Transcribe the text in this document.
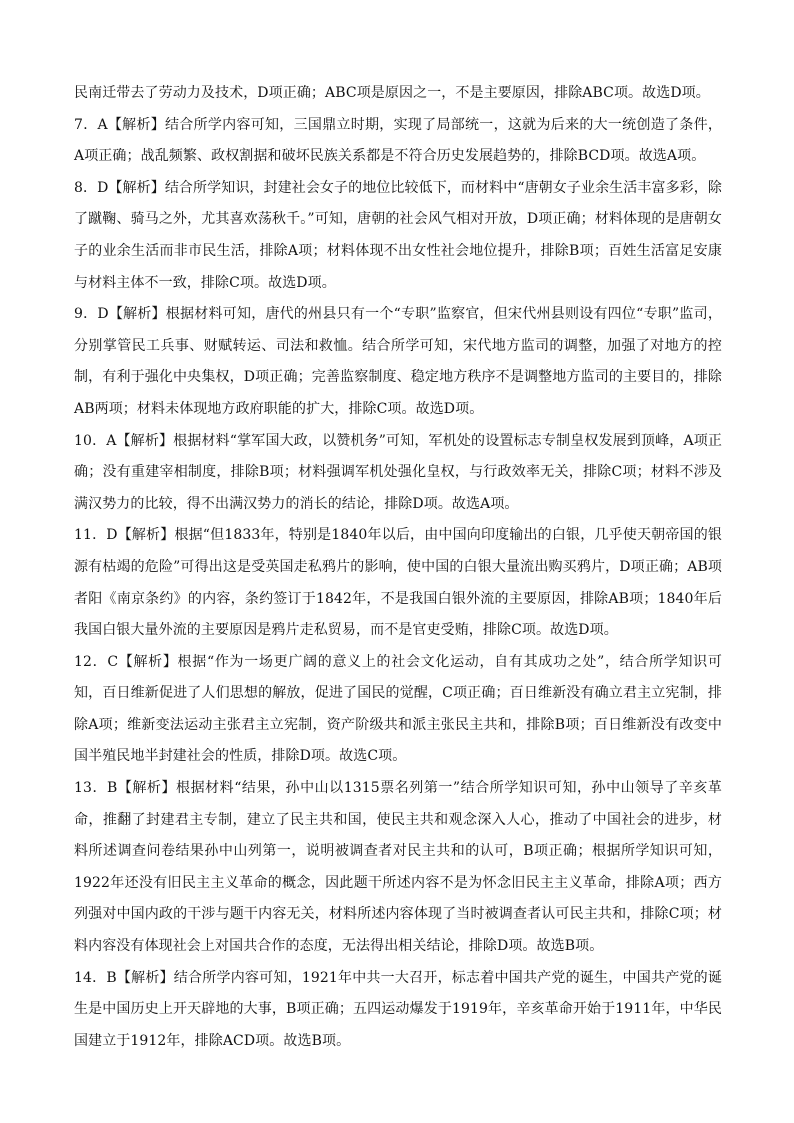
民南迁带去了劳动力及技术，D项正确；ABC项是原因之一，不是主要原因，排除ABC项。故选D项。

7．A【解析】结合所学内容可知，三国鼎立时期，实现了局部统一，这就为后来的大一统创造了条件，A项正确；战乱频繁、政权割据和破坏民族关系都是不符合历史发展趋势的，排除BCD项。故选A项。

8．D【解析】结合所学知识，封建社会女子的地位比较低下，而材料中“唐朝女子业余生活丰富多彩，除了蹴鞠、骑马之外，尤其喜欢荡秋千。”可知，唐朝的社会风气相对开放，D项正确；材料体现的是唐朝女子的业余生活而非市民生活，排除A项；材料体现不出女性社会地位提升，排除B项；百姓生活富足安康与材料主体不一致，排除C项。故选D项。

9．D【解析】根据材料可知，唐代的州县只有一个“专职”监察官，但宋代州县则设有四位“专职”监司，分别掌管民工兵事、财赋转运、司法和救恤。结合所学可知，宋代地方监司的调整，加强了对地方的控制，有利于强化中央集权，D项正确；完善监察制度、稳定地方秩序不是调整地方监司的主要目的，排除AB两项；材料未体现地方政府职能的扩大，排除C项。故选D项。

10．A【解析】根据材料“掌军国大政，以赞机务”可知，军机处的设置标志专制皇权发展到顶峰，A项正确；没有重建宰相制度，排除B项；材料强调军机处强化皇权，与行政效率无关，排除C项；材料不涉及满汉势力的比较，得不出满汉势力的消长的结论，排除D项。故选A项。

11．D【解析】根据“但1833年，特别是1840年以后，由中国向印度输出的白银，几乎使天朝帝国的银源有枯竭的危险”可得出这是受英国走私鸦片的影响，使中国的白银大量流出购买鸦片，D项正确；AB项者阳《南京条约》的内容，条约签订于1842年，不是我国白银外流的主要原因，排除AB项；1840年后我国白银大量外流的主要原因是鸦片走私贸易，而不是官吏受贿，排除C项。故选D项。

12．C【解析】根据“作为一场更广阔的意义上的社会文化运动，自有其成功之处”，结合所学知识可知，百日维新促进了人们思想的解放，促进了国民的觉醒，C项正确；百日维新没有确立君主立宪制，排除A项；维新变法运动主张君主立宪制，资产阶级共和派主张民主共和，排除B项；百日维新没有改变中国半殖民地半封建社会的性质，排除D项。故选C项。

13．B【解析】根据材料“结果，孙中山以1315票名列第一”结合所学知识可知，孙中山领导了辛亥革命，推翻了封建君主专制，建立了民主共和国，使民主共和观念深入人心，推动了中国社会的进步，材料所述调查问卷结果孙中山列第一，说明被调查者对民主共和的认可，B项正确；根据所学知识可知，1922年还没有旧民主主义革命的概念，因此题干所述内容不是为怀念旧民主主义革命，排除A项；西方列强对中国内政的干涉与题干内容无关，材料所述内容体现了当时被调查者认可民主共和，排除C项；材料内容没有体现社会上对国共合作的态度，无法得出相关结论，排除D项。故选B项。

14．B【解析】结合所学内容可知，1921年中共一大召开，标志着中国共产党的诞生，中国共产党的诞生是中国历史上开天辟地的大事，B项正确；五四运动爆发于1919年，辛亥革命开始于1911年，中华民国建立于1912年，排除ACD项。故选B项。
